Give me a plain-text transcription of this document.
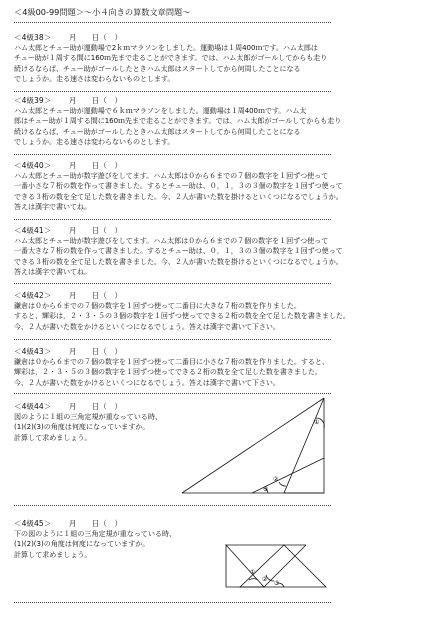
＜4級00-99問題＞〜小４向きの算数文章問題〜
＜4級38＞　　 月　　日（　）
ハム太郎とチュー助が運動場で2ｋｍマラソンをしました。運動場は１周400ｍです。ハム太郎は
チュー助が１周する間に160ｍ先まで走ることができます。では、ハム太郎がゴールしてからも走り
続けるならば、チュー助がゴールしたときハム太郎はスタートしてから何周したことになる
でしょうか。走る速さは変わらないものとします。
＜4級39＞　　 月　　日（　）
ハム太郎とチュー助が運動場で６ｋｍマラソンをしました。運動場は１周400ｍです。ハム太
郎はチュー助が１周する間に160ｍ先まで走ることができます。では、ハム太郎がゴールしてからも走り
続けるならば、チュー助がゴールしたときハム太郎はスタートしてから何周したことになる
でしょうか。走る速さは変わらないものとします。
＜4級40＞　　 月　　日（　）
ハム太郎とチュー助が数字遊びをしてます。ハム太郎は０から６までの７個の数字を１回ずつ使って
一番小さな７桁の数を作って書きました。するとチュー助は、０，１，３の３個の数字を１回ずつ使って
できる３桁の数を全て足した数を書きました。今、２人が書いた数を掛けるといくつになるでしょうか。
答えは漢字で書いてね。
＜4級41＞　　 月　　日（　）
ハム太郎とチュー助が数字遊びをしてます。ハム太郎は０から６までの７個の数字を１回ずつ使って
一番大きな７桁の数を作って書きました。するとチュー助は、０，１，３の３個の数字を１回ずつ使って
できる３桁の数を全て足した数を書きました。今、２人が書いた数を掛けるといくつになるでしょうか。
答えは漢字で書いてね。
＜4級42＞　　 月　　日（　）
鎌倉は０から６までの７個の数字を１回ずつ使って二番目に大きな７桁の数を作りました。
すると、輝彩は，２・３・５の３個の数字を１回ずつ使ってできる２桁の数を全て足した数を書きました。
今、２人が書いた数をかけるといくつになるでしょう。答えは漢字で書いて下さい。
＜4級43＞　　 月　　日（　）
鎌倉は０から６までの７個の数字を１回ずつ使って二番目に小さな７桁の数を作りました。すると、
輝彩は，２・３・５の３個の数字を１回ずつ使ってできる２桁の数を全て足した数を書きました。
今、２人が書いた数をかけるといくつになるでしょう。答えは漢字で書いて下さい。
＜4級44＞　　 月　　日（　）
図のように１組の三角定規が重なっている時、
(1)(2)(3)の角度は何度になっていますか。
計算して求めましょう。
①
②
③
＜4級45＞　　 月　　日（　）
下の図のように１組の三角定規が重なっている時、
(1)(2)(3)の角度は何度になっていますか。
計算して求めましょう。
①
②
③
